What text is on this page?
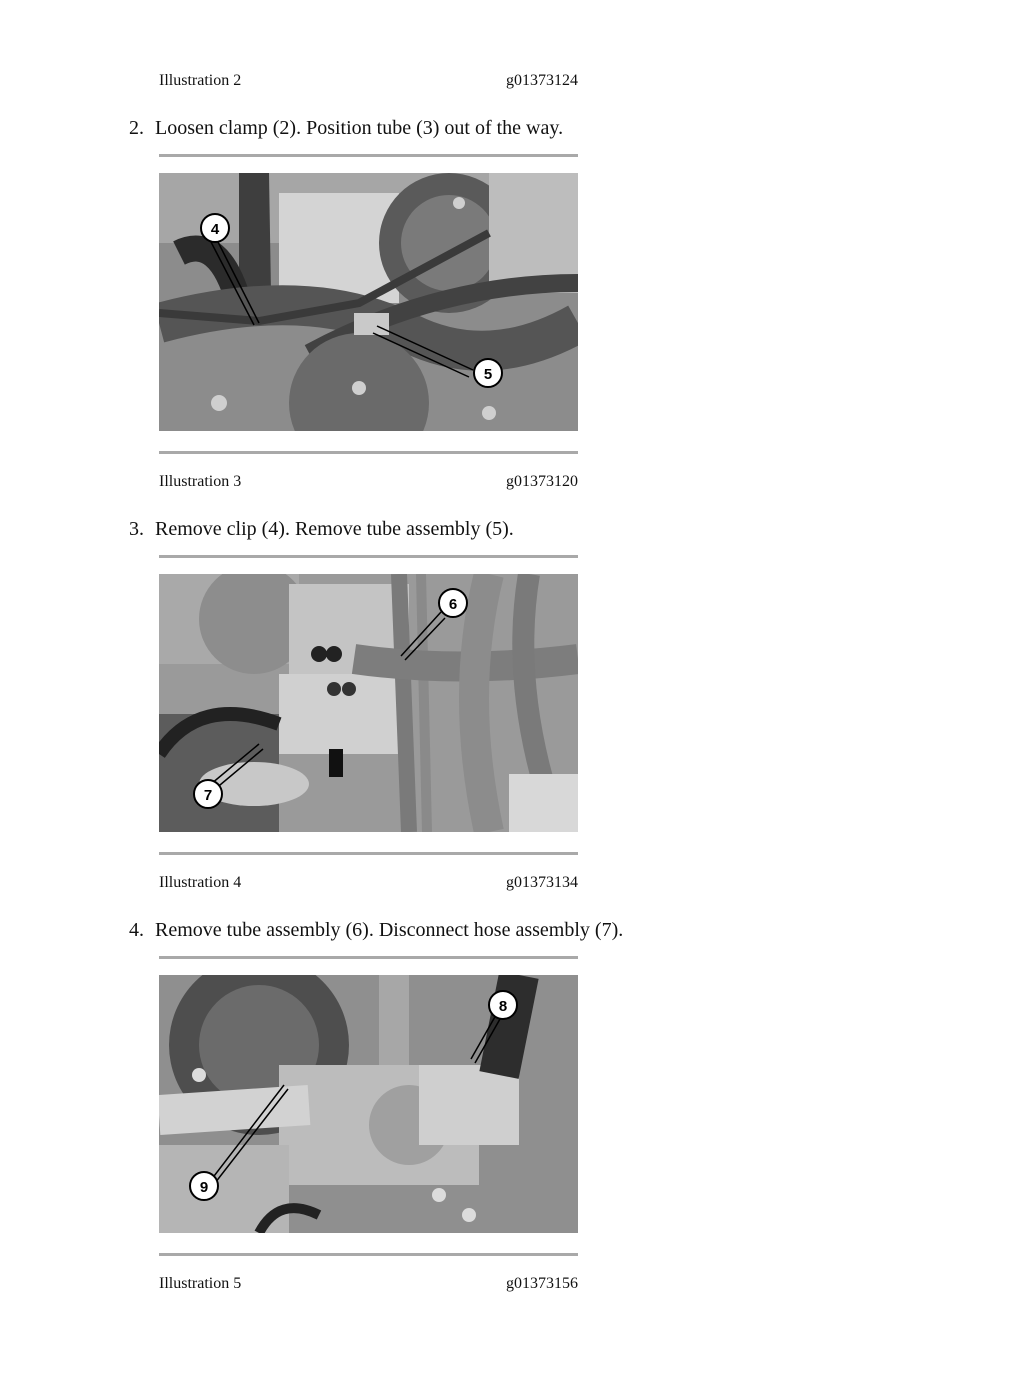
Illustration 2	g01373124
2. Loosen clamp (2). Position tube (3) out of the way.
4
5
Illustration 3	g01373120
3. Remove clip (4). Remove tube assembly (5).
6
7
Illustration 4	g01373134
4. Remove tube assembly (6). Disconnect hose assembly (7).
8
9
Illustration 5	g01373156
